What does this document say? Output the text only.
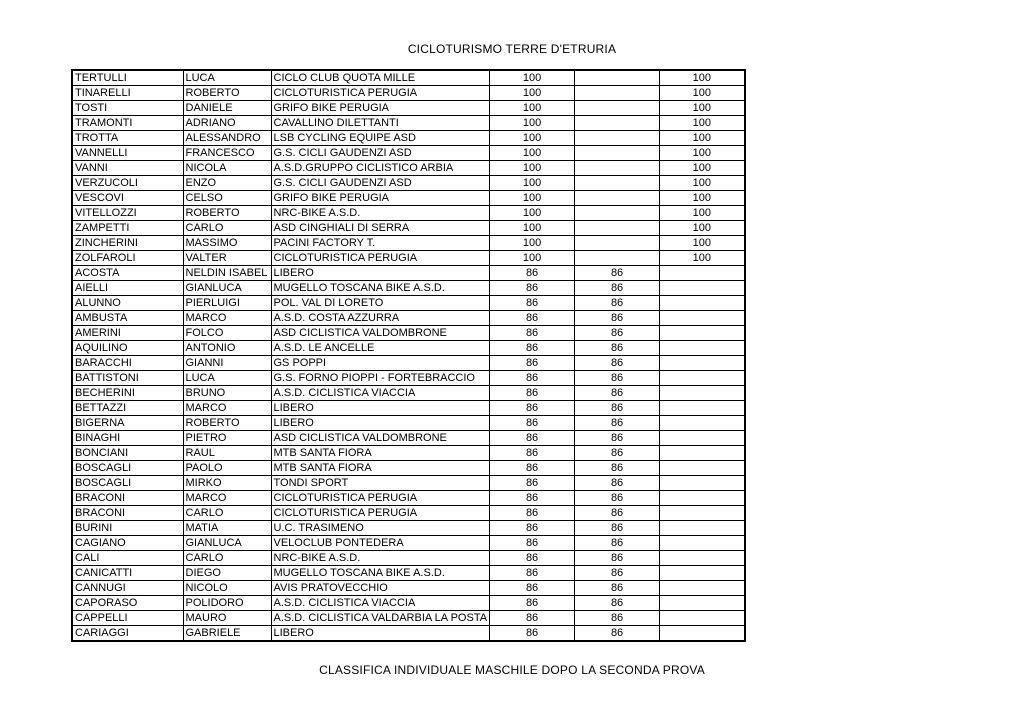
CICLOTURISMO TERRE D'ETRURIA
TERTULLI	LUCA	CICLO CLUB QUOTA MILLE	100		100
TINARELLI	ROBERTO	CICLOTURISTICA PERUGIA	100		100
TOSTI	DANIELE	GRIFO BIKE PERUGIA	100		100
TRAMONTI	ADRIANO	CAVALLINO DILETTANTI	100		100
TROTTA	ALESSANDRO	LSB CYCLING EQUIPE ASD	100		100
VANNELLI	FRANCESCO	G.S. CICLI GAUDENZI ASD	100		100
VANNI	NICOLA	A.S.D.GRUPPO CICLISTICO ARBIA	100		100
VERZUCOLI	ENZO	G.S. CICLI GAUDENZI ASD	100		100
VESCOVI	CELSO	GRIFO BIKE PERUGIA	100		100
VITELLOZZI	ROBERTO	NRC-BIKE A.S.D.	100		100
ZAMPETTI	CARLO	ASD CINGHIALI DI SERRA	100		100
ZINCHERINI	MASSIMO	PACINI FACTORY T.	100		100
ZOLFAROLI	VALTER	CICLOTURISTICA PERUGIA	100		100
ACOSTA	NELDIN ISABEL	LIBERO	86	86	
AIELLI	GIANLUCA	MUGELLO TOSCANA BIKE A.S.D.	86	86	
ALUNNO	PIERLUIGI	POL. VAL DI LORETO	86	86	
AMBUSTA	MARCO	A.S.D. COSTA AZZURRA	86	86	
AMERINI	FOLCO	ASD CICLISTICA VALDOMBRONE	86	86	
AQUILINO	ANTONIO	A.S.D. LE ANCELLE	86	86	
BARACCHI	GIANNI	GS POPPI	86	86	
BATTISTONI	LUCA	G.S. FORNO PIOPPI - FORTEBRACCIO	86	86	
BECHERINI	BRUNO	A.S.D. CICLISTICA VIACCIA	86	86	
BETTAZZI	MARCO	LIBERO	86	86	
BIGERNA	ROBERTO	LIBERO	86	86	
BINAGHI	PIETRO	ASD CICLISTICA VALDOMBRONE	86	86	
BONCIANI	RAUL	MTB SANTA FIORA	86	86	
BOSCAGLI	PAOLO	MTB SANTA FIORA	86	86	
BOSCAGLI	MIRKO	TONDI SPORT	86	86	
BRACONI	MARCO	CICLOTURISTICA PERUGIA	86	86	
BRACONI	CARLO	CICLOTURISTICA PERUGIA	86	86	
BURINI	MATIA	U.C. TRASIMENO	86	86	
CAGIANO	GIANLUCA	VELOCLUB PONTEDERA	86	86	
CALI	CARLO	NRC-BIKE A.S.D.	86	86	
CANICATTI	DIEGO	MUGELLO TOSCANA BIKE A.S.D.	86	86	
CANNUGI	NICOLO	AVIS PRATOVECCHIO	86	86	
CAPORASO	POLIDORO	A.S.D. CICLISTICA VIACCIA	86	86	
CAPPELLI	MAURO	A.S.D. CICLISTICA VALDARBIA LA POSTA	86	86	
CARIAGGI	GABRIELE	LIBERO	86	86	
CLASSIFICA INDIVIDUALE MASCHILE DOPO LA SECONDA PROVA
